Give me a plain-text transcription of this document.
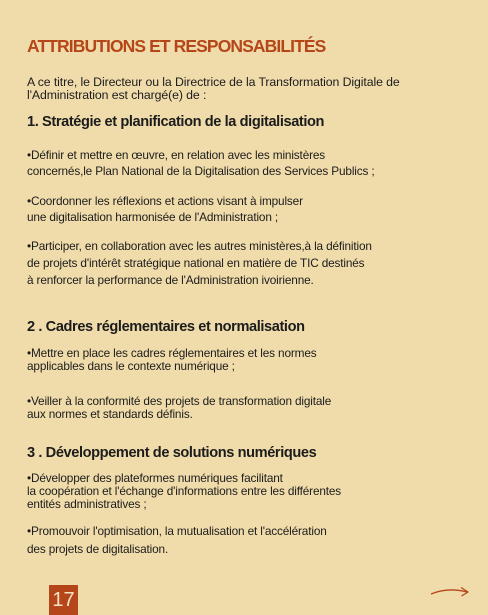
ATTRIBUTIONS ET RESPONSABILITÉS
A ce titre, le Directeur ou la Directrice de la Transformation Digitale de l'Administration est chargé(e) de :
1. Stratégie et planification de la digitalisation
•Définir et mettre en œuvre, en relation avec les ministères
concernés,le Plan National de la Digitalisation des Services Publics ;
•Coordonner les réflexions et actions visant à impulser
une digitalisation harmonisée de l'Administration ;
•Participer, en collaboration avec les autres ministères,à la définition
de projets d'intérêt stratégique national en matière de TIC destinés
à renforcer la performance de l'Administration ivoirienne.
2 . Cadres réglementaires et normalisation
•Mettre en place les cadres réglementaires et les normes
applicables dans le contexte numérique ;
•Veiller à la conformité des projets de transformation digitale
aux normes et standards définis.
3 . Développement de solutions numériques
•Développer des plateformes numériques facilitant
la coopération et l'échange d'informations entre les différentes
entités administratives ;
•Promouvoir l'optimisation, la mutualisation et l'accélération
des projets de digitalisation.
17
